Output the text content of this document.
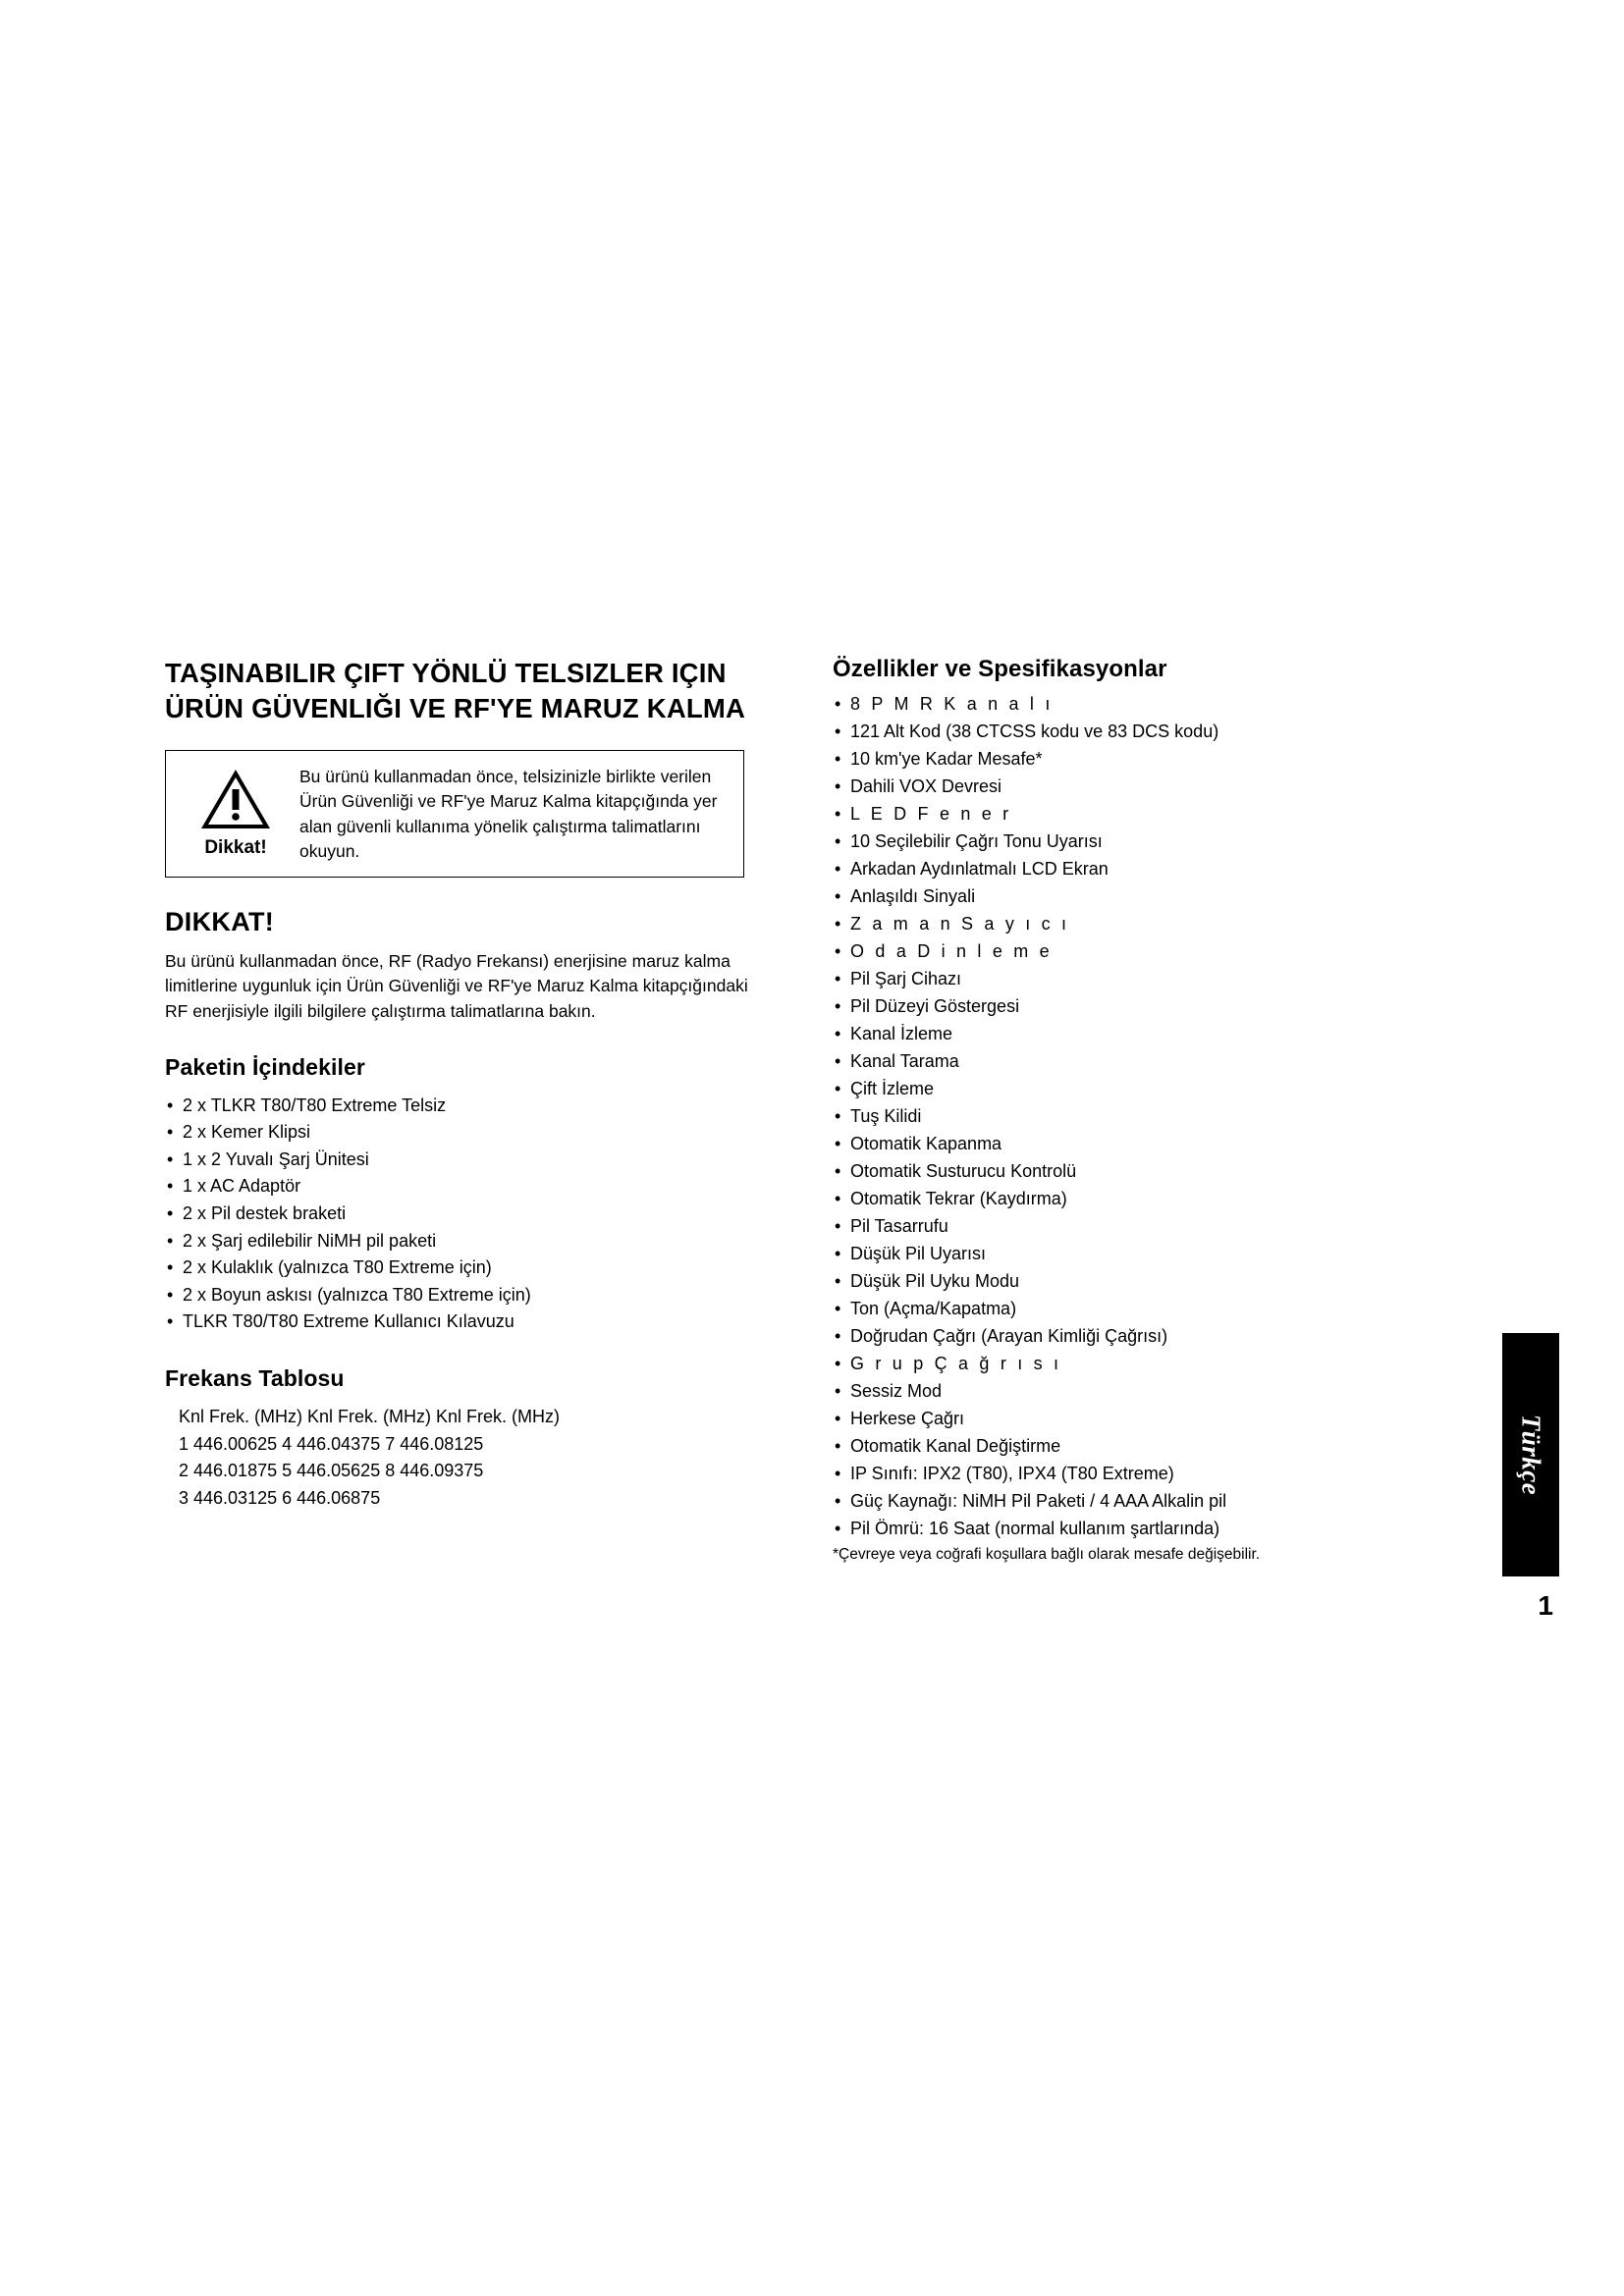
TAŞINABILIR ÇIFT YÖNLÜ TELSIZLER IÇIN ÜRÜN GÜVENLIĞI VE RF'YE MARUZ KALMA
Dikkat!
Bu ürünü kullanmadan önce, telsizinizle birlikte verilen Ürün Güvenliği ve RF'ye Maruz Kalma kitapçığında yer alan güvenli kullanıma yönelik çalıştırma talimatlarını okuyun.
DIKKAT!

Bu ürünü kullanmadan önce, RF (Radyo Frekansı) enerjisine maruz kalma limitlerine uygunluk için Ürün Güvenliği ve RF'ye Maruz Kalma kitapçığındaki RF enerjisiyle ilgili bilgilere çalıştırma talimatlarına bakın.

Paketin İçindekiler
• 2 x TLKR T80/T80 Extreme Telsiz
• 2 x Kemer Klipsi
• 1 x 2 Yuvalı Şarj Ünitesi
• 1 x AC Adaptör
• 2 x Pil destek braketi
• 2 x Şarj edilebilir NiMH pil paketi
• 2 x Kulaklık (yalnızca T80 Extreme için)
• 2 x Boyun askısı (yalnızca T80 Extreme için)
• TLKR T80/T80 Extreme Kullanıcı Kılavuzu
Frekans Tablosu
Knl Frek. (MHz) Knl Frek. (MHz) Knl Frek. (MHz)
1 446.00625 4 446.04375 7 446.08125
2 446.01875 5 446.05625 8 446.09375
3 446.03125 6 446.06875
Özellikler ve Spesifikasyonlar
• 8 P M R K a n a l ı
• 121 Alt Kod (38 CTCSS kodu ve 83 DCS kodu)
• 10 km'ye Kadar Mesafe*
• Dahili VOX Devresi
• L E D F e n e r
• 10 Seçilebilir Çağrı Tonu Uyarısı
• Arkadan Aydınlatmalı LCD Ekran
• Anlaşıldı Sinyali
• Z a m a n S a y ı c ı
• O d a D i n l e m e
• Pil Şarj Cihazı
• Pil Düzeyi Göstergesi
• Kanal İzleme
• Kanal Tarama
• Çift İzleme
• Tuş Kilidi
• Otomatik Kapanma
• Otomatik Susturucu Kontrolü
• Otomatik Tekrar (Kaydırma)
• Pil Tasarrufu
• Düşük Pil Uyarısı
• Düşük Pil Uyku Modu
• Ton (Açma/Kapatma)
• Doğrudan Çağrı (Arayan Kimliği Çağrısı)
• G r u p Ç a ğ r ı s ı
• Sessiz Mod
• Herkese Çağrı
• Otomatik Kanal Değiştirme
• IP Sınıfı: IPX2 (T80), IPX4 (T80 Extreme)
• Güç Kaynağı: NiMH Pil Paketi / 4 AAA Alkalin pil
• Pil Ömrü: 16 Saat (normal kullanım şartlarında)
*Çevreye veya coğrafi koşullara bağlı olarak mesafe değişebilir.
Türkçe
1
